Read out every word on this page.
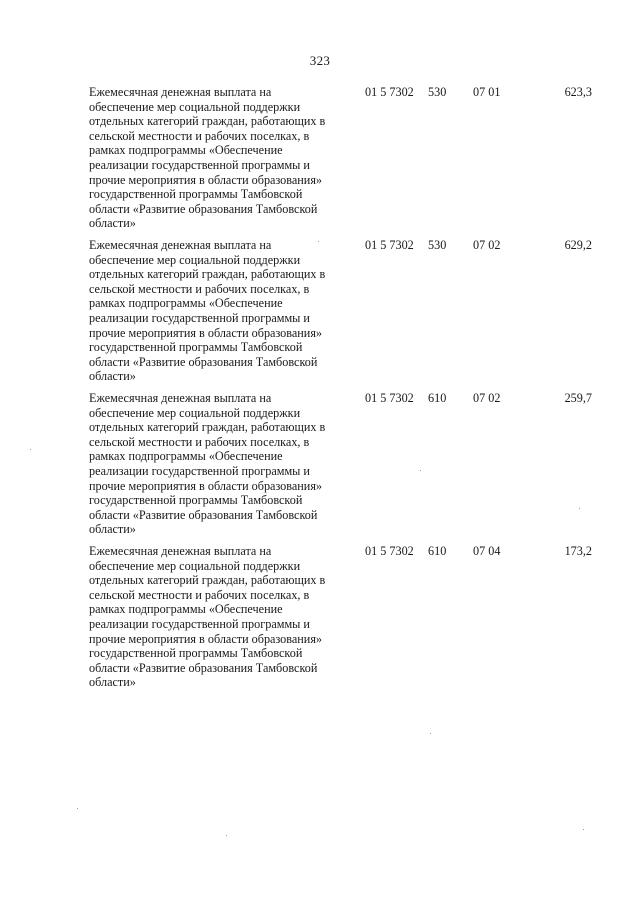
323
Ежемесячная денежная выплата на
обеспечение мер социальной поддержки
отдельных категорий граждан, работающих в
сельской местности и рабочих поселках, в
рамках подпрограммы «Обеспечение
реализации государственной программы и
прочие мероприятия в области образования»
государственной программы Тамбовской
области «Развитие образования Тамбовской
области»
01 5 7302 530 07 01	623,3
Ежемесячная денежная выплата на
обеспечение мер социальной поддержки
отдельных категорий граждан, работающих в
сельской местности и рабочих поселках, в
рамках подпрограммы «Обеспечение
реализации государственной программы и
прочие мероприятия в области образования»
государственной программы Тамбовской
области «Развитие образования Тамбовской
области»
01 5 7302 530 07 02	629,2
Ежемесячная денежная выплата на
обеспечение мер социальной поддержки
отдельных категорий граждан, работающих в
сельской местности и рабочих поселках, в
рамках подпрограммы «Обеспечение
реализации государственной программы и
прочие мероприятия в области образования»
государственной программы Тамбовской
области «Развитие образования Тамбовской
области»
01 5 7302 610 07 02	259,7
Ежемесячная денежная выплата на
обеспечение мер социальной поддержки
отдельных категорий граждан, работающих в
сельской местности и рабочих поселках, в
рамках подпрограммы «Обеспечение
реализации государственной программы и
прочие мероприятия в области образования»
государственной программы Тамбовской
области «Развитие образования Тамбовской
области»
01 5 7302 610 07 04	173,2
